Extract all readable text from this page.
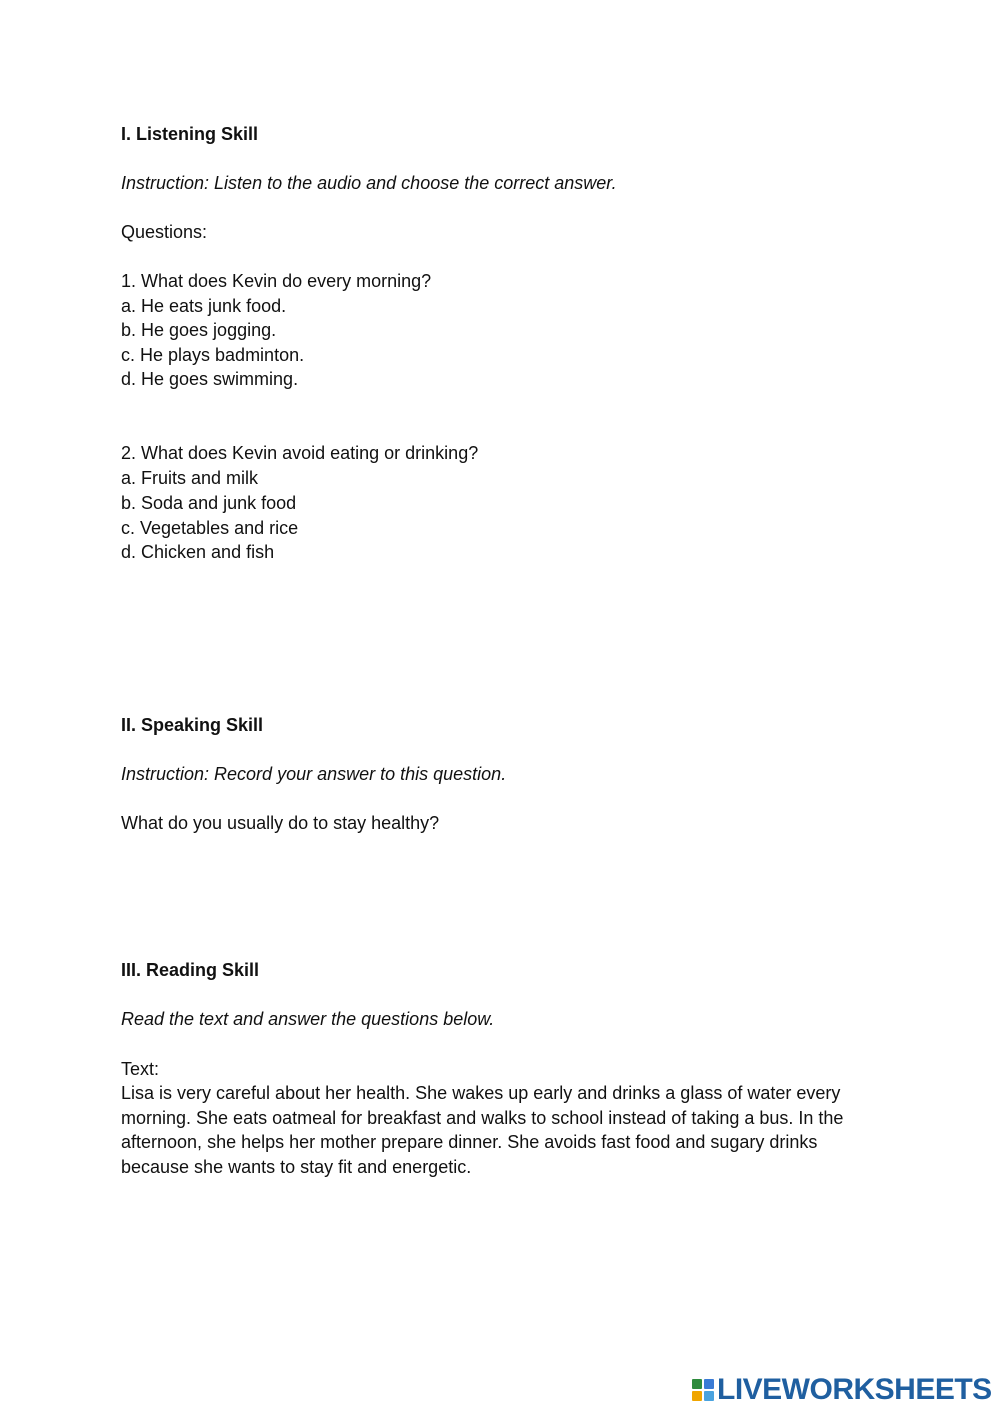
I. Listening Skill
Instruction: Listen to the audio and choose the correct answer.
Questions:
1. What does Kevin do every morning?
a. He eats junk food.
b. He goes jogging.
c. He plays badminton.
d. He goes swimming.
2. What does Kevin avoid eating or drinking?
a. Fruits and milk
b. Soda and junk food
c. Vegetables and rice
d. Chicken and fish
II. Speaking Skill
Instruction: Record your answer to this question.
What do you usually do to stay healthy?
III. Reading Skill
Read the text and answer the questions below.
Text:
Lisa is very careful about her health. She wakes up early and drinks a glass of water every
morning. She eats oatmeal for breakfast and walks to school instead of taking a bus. In the
afternoon, she helps her mother prepare dinner. She avoids fast food and sugary drinks
because she wants to stay fit and energetic.
LIVEWORKSHEETS
